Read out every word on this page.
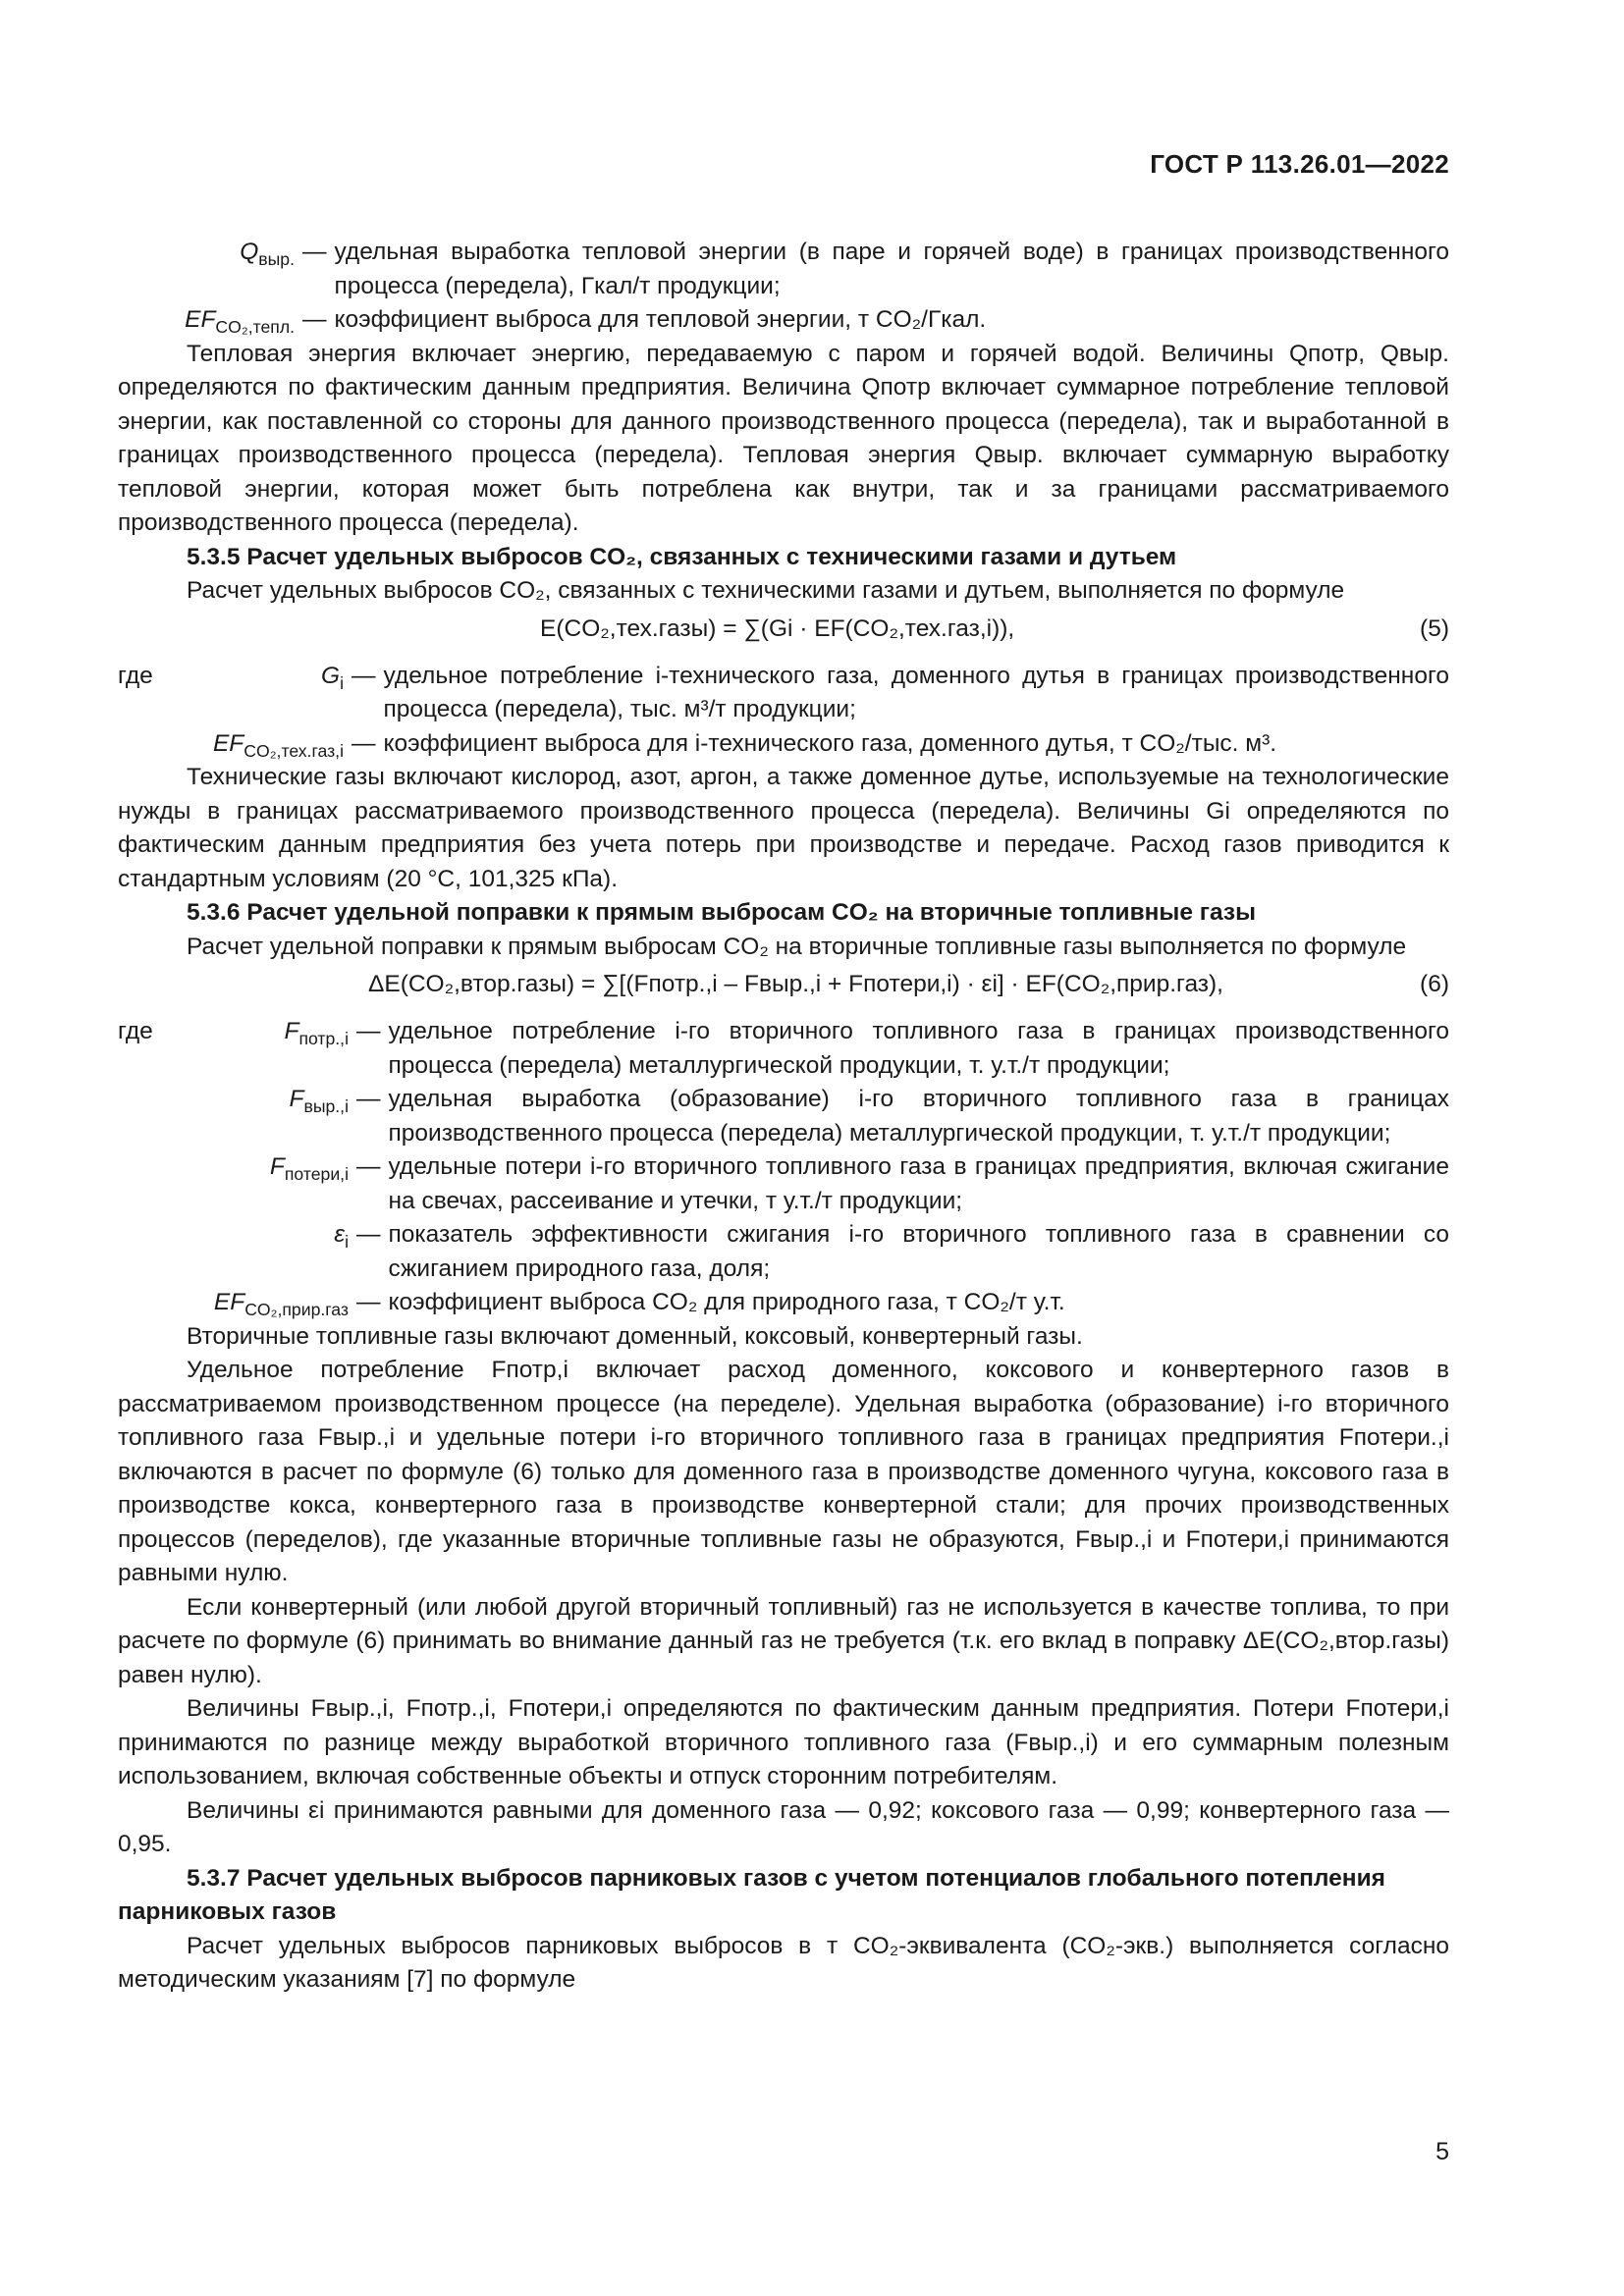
ГОСТ Р 113.26.01—2022
$Q_{выр.}$ — удельная выработка тепловой энергии (в паре и горячей воде) в границах производственного процесса (передела), Гкал/т продукции;
$EF_{CO_2,тепл.}$ — коэффициент выброса для тепловой энергии, т CO₂/Гкал.

Тепловая энергия включает энергию, передаваемую с паром и горячей водой. Величины Qпотр, Qвыр. определяются по фактическим данным предприятия. Величина Qпотр включает суммарное потребление тепловой энергии, как поставленной со стороны для данного производственного процесса (передела), так и выработанной в границах производственного процесса (передела). Тепловая энергия Qвыр. включает суммарную выработку тепловой энергии, которая может быть потреблена как внутри, так и за границами рассматриваемого производственного процесса (передела).

5.3.5 Расчет удельных выбросов CO₂, связанных с техническими газами и дутьем

Расчет удельных выбросов CO₂, связанных с техническими газами и дутьем, выполняется по формуле

E(CO₂,тех.газы) = ∑(Gi · EF(CO₂,тех.газ,i)),	(5)
где	$G_i$ — удельное потребление i-технического газа, доменного дутья в границах производственного процесса (передела), тыс. м³/т продукции;
$EF_{CO_2,тех.газ,i}$ — коэффициент выброса для i-технического газа, доменного дутья, т CO₂/тыс. м³.

Технические газы включают кислород, азот, аргон, а также доменное дутье, используемые на технологические нужды в границах рассматриваемого производственного процесса (передела). Величины Gi определяются по фактическим данным предприятия без учета потерь при производстве и передаче. Расход газов приводится к стандартным условиям (20 °С, 101,325 кПа).

5.3.6 Расчет удельной поправки к прямым выбросам CO₂ на вторичные топливные газы

Расчет удельной поправки к прямым выбросам CO₂ на вторичные топливные газы выполняется по формуле

ΔE(CO₂,втор.газы) = ∑[(Fпотр.,i – Fвыр.,i + Fпотери,i) · εi] · EF(CO₂,прир.газ),	(6)
где	$F_{потр.,i}$ — удельное потребление i-го вторичного топливного газа в границах производственного процесса (передела) металлургической продукции, т. у.т./т продукции;
$F_{выр.,i}$ — удельная выработка (образование) i-го вторичного топливного газа в границах производственного процесса (передела) металлургической продукции, т. у.т./т продукции;
$F_{потери,i}$ — удельные потери i-го вторичного топливного газа в границах предприятия, включая сжигание на свечах, рассеивание и утечки, т у.т./т продукции;
$\varepsilon_i$ — показатель эффективности сжигания i-го вторичного топливного газа в сравнении со сжиганием природного газа, доля;
$EF_{CO_2,прир.газ}$ — коэффициент выброса CO₂ для природного газа, т CO₂/т у.т.

Вторичные топливные газы включают доменный, коксовый, конвертерный газы.

Удельное потребление Fпотр,i включает расход доменного, коксового и конвертерного газов в рассматриваемом производственном процессе (на переделе). Удельная выработка (образование) i-го вторичного топливного газа Fвыр.,i и удельные потери i-го вторичного топливного газа в границах предприятия Fпотери.,i включаются в расчет по формуле (6) только для доменного газа в производстве доменного чугуна, коксового газа в производстве кокса, конвертерного газа в производстве конвертерной стали; для прочих производственных процессов (переделов), где указанные вторичные топливные газы не образуются, Fвыр.,i и Fпотери,i принимаются равными нулю.

Если конвертерный (или любой другой вторичный топливный) газ не используется в качестве топлива, то при расчете по формуле (6) принимать во внимание данный газ не требуется (т.к. его вклад в поправку ΔE(CO₂,втор.газы) равен нулю).

Величины Fвыр.,i, Fпотр.,i, Fпотери,i определяются по фактическим данным предприятия. Потери Fпотери,i принимаются по разнице между выработкой вторичного топливного газа (Fвыр.,i) и его суммарным полезным использованием, включая собственные объекты и отпуск сторонним потребителям.

Величины εi принимаются равными для доменного газа — 0,92; коксового газа — 0,99; конвертерного газа — 0,95.

5.3.7 Расчет удельных выбросов парниковых газов с учетом потенциалов глобального потепления парниковых газов

Расчет удельных выбросов парниковых выбросов в т CO₂-эквивалента (CO₂-экв.) выполняется согласно методическим указаниям [7] по формуле

5
